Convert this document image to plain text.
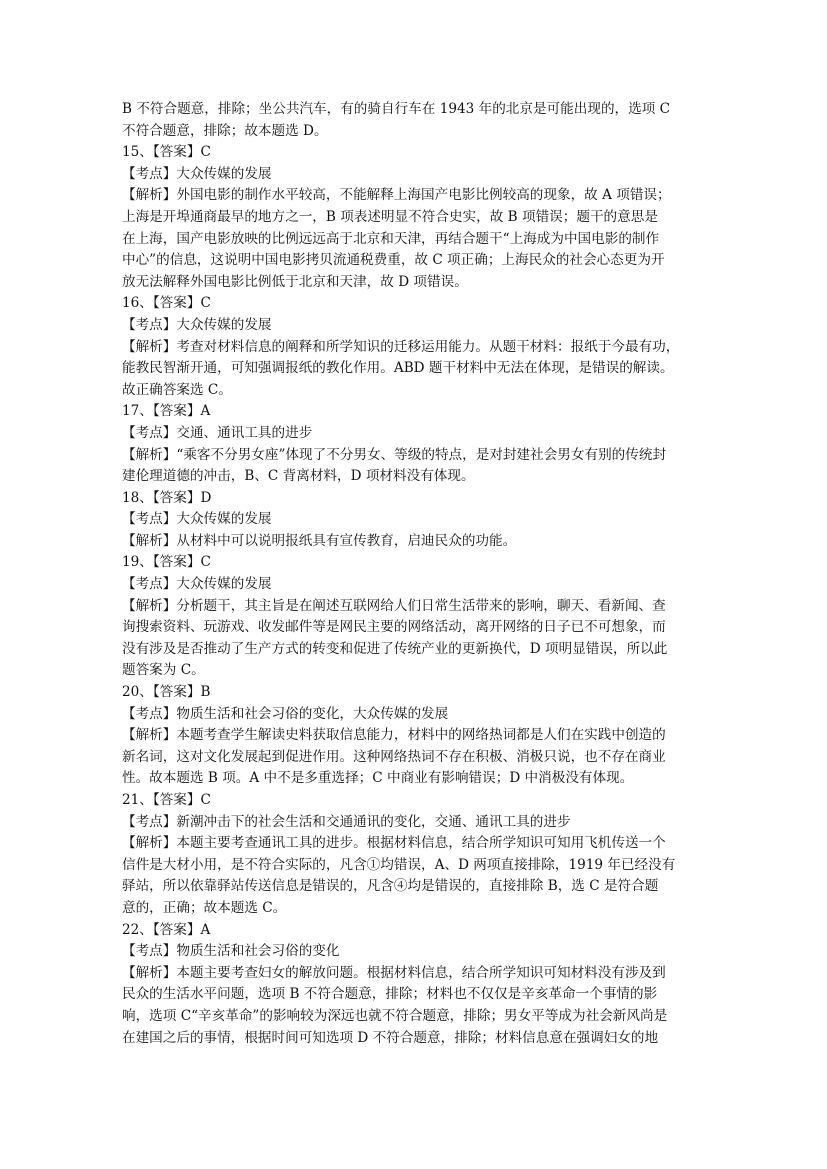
B 不符合题意，排除；坐公共汽车，有的骑自行车在 1943 年的北京是可能出现的，选项 C

不符合题意，排除；故本题选 D。

15、【答案】C

【考点】大众传媒的发展

【解析】外国电影的制作水平较高，不能解释上海国产电影比例较高的现象，故 A 项错误；

上海是开埠通商最早的地方之一，B 项表述明显不符合史实，故 B 项错误；题干的意思是

在上海，国产电影放映的比例远远高于北京和天津，再结合题干“上海成为中国电影的制作

中心”的信息，这说明中国电影拷贝流通税费重，故 C 项正确；上海民众的社会心态更为开

放无法解释外国电影比例低于北京和天津，故 D 项错误。

16、【答案】C

【考点】大众传媒的发展

【解析】考查对材料信息的阐释和所学知识的迁移运用能力。从题干材料：报纸于今最有功，

能教民智渐开通，可知强调报纸的教化作用。ABD 题干材料中无法在体现，是错误的解读。

故正确答案选 C。

17、【答案】A

【考点】交通、通讯工具的进步

【解析】“乘客不分男女座”体现了不分男女、等级的特点，是对封建社会男女有别的传统封

建伦理道德的冲击，B、C 背离材料，D 项材料没有体现。

18、【答案】D

【考点】大众传媒的发展

【解析】从材料中可以说明报纸具有宣传教育，启迪民众的功能。

19、【答案】C

【考点】大众传媒的发展

【解析】分析题干，其主旨是在阐述互联网给人们日常生活带来的影响，聊天、看新闻、查

询搜索资料、玩游戏、收发邮件等是网民主要的网络活动，离开网络的日子已不可想象，而

没有涉及是否推动了生产方式的转变和促进了传统产业的更新换代，D 项明显错误，所以此

题答案为 C。

20、【答案】B

【考点】物质生活和社会习俗的变化，大众传媒的发展

【解析】本题考查学生解读史料获取信息能力，材料中的网络热词都是人们在实践中创造的

新名词，这对文化发展起到促进作用。这种网络热词不存在积极、消极只说，也不存在商业

性。故本题选 B 项。A 中不是多重选择；C 中商业有影响错误；D 中消极没有体现。

21、【答案】C

【考点】新潮冲击下的社会生活和交通通讯的变化，交通、通讯工具的进步

【解析】本题主要考查通讯工具的进步。根据材料信息，结合所学知识可知用飞机传送一个

信件是大材小用，是不符合实际的，凡含①均错误，A、D 两项直接排除，1919 年已经没有

驿站，所以依靠驿站传送信息是错误的，凡含④均是错误的，直接排除 B，选 C 是符合题

意的，正确；故本题选 C。

22、【答案】A

【考点】物质生活和社会习俗的变化

【解析】本题主要考查妇女的解放问题。根据材料信息，结合所学知识可知材料没有涉及到

民众的生活水平问题，选项 B 不符合题意，排除；材料也不仅仅是辛亥革命一个事情的影

响，选项 C“辛亥革命”的影响较为深远也就不符合题意，排除；男女平等成为社会新风尚是

在建国之后的事情，根据时间可知选项 D 不符合题意，排除；材料信息意在强调妇女的地
